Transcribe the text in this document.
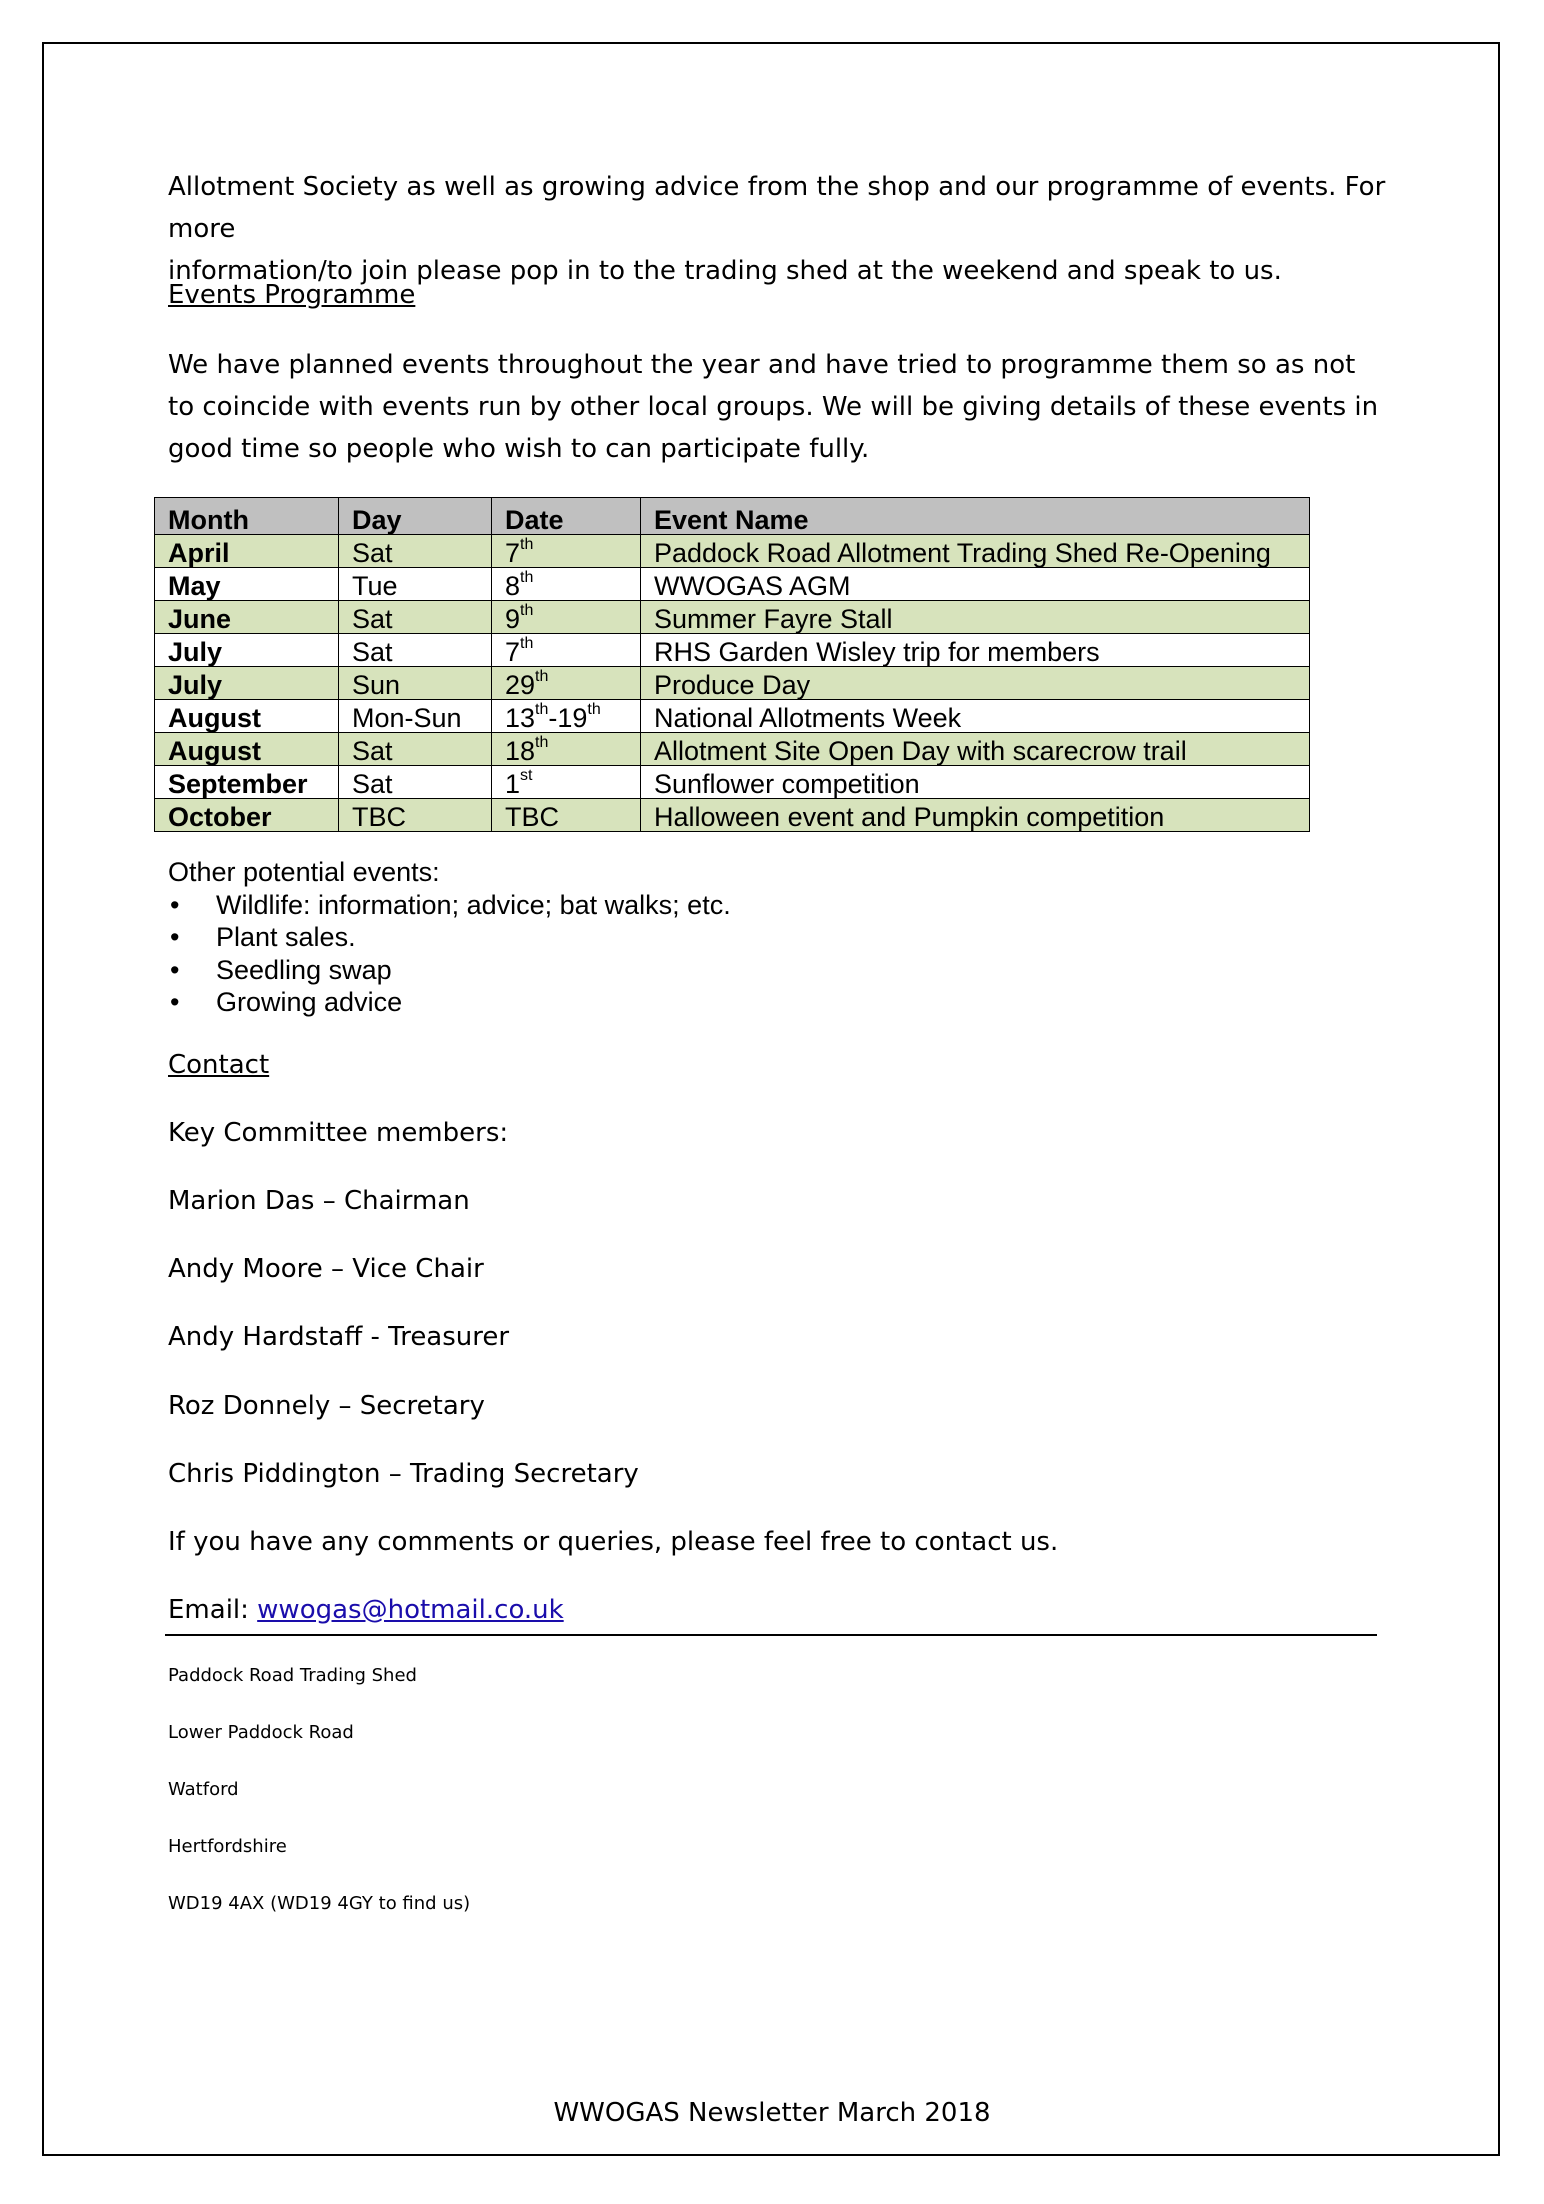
Allotment Society as well as growing advice from the shop and our programme of events. For more
information/to join please pop in to the trading shed at the weekend and speak to us.
Events Programme
We have planned events throughout the year and have tried to programme them so as not to coincide with events run by other local groups. We will be giving details of these events in good time so people who wish to can participate fully.
Month	Day	Date	Event Name
April	Sat	7th	Paddock Road Allotment Trading Shed Re-Opening
May	Tue	8th	WWOGAS AGM
June	Sat	9th	Summer Fayre Stall
July	Sat	7th	RHS Garden Wisley trip for members
July	Sun	29th	Produce Day
August	Mon-Sun	13th-19th	National Allotments Week
August	Sat	18th	Allotment Site Open Day with scarecrow trail
September	Sat	1st	Sunflower competition
October	TBC	TBC	Halloween event and Pumpkin competition
Other potential events:
• Wildlife: information; advice; bat walks; etc.
• Plant sales.
• Seedling swap
• Growing advice
Contact
Key Committee members:
Marion Das – Chairman
Andy Moore – Vice Chair
Andy Hardstaff - Treasurer
Roz Donnely – Secretary
Chris Piddington – Trading Secretary
If you have any comments or queries, please feel free to contact us.
Email: wwogas@hotmail.co.uk
Paddock Road Trading Shed
Lower Paddock Road
Watford
Hertfordshire
WD19 4AX (WD19 4GY to find us)
WWOGAS Newsletter March 2018
